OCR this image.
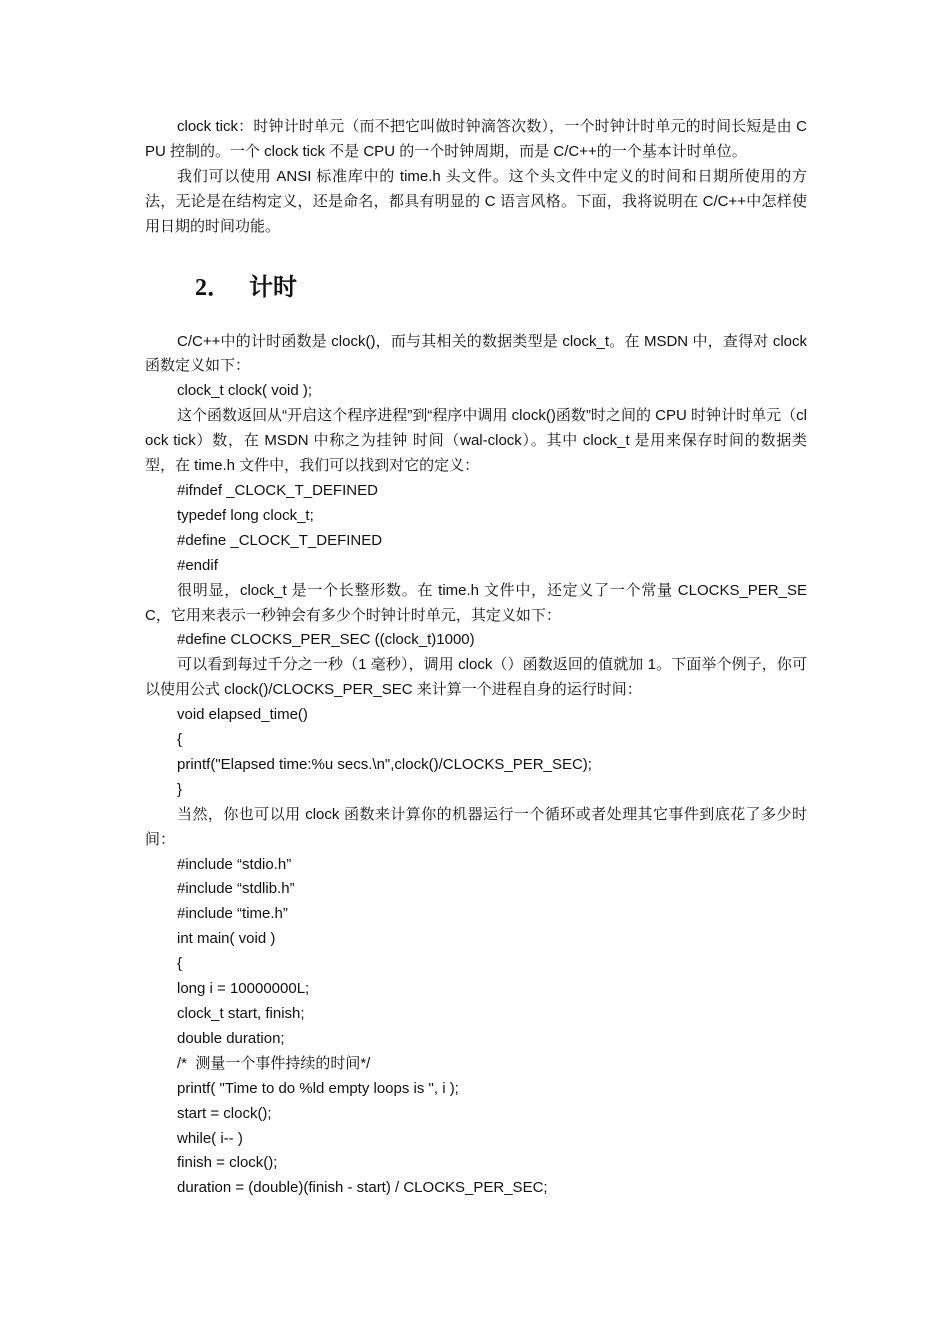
clock tick：时钟计时单元（而不把它叫做时钟滴答次数），一个时钟计时单元的时间长短是由 CPU 控制的。一个 clock tick 不是 CPU 的一个时钟周期，而是 C/C++的一个基本计时单位。

我们可以使用 ANSI 标准库中的 time.h 头文件。这个头文件中定义的时间和日期所使用的方法，无论是在结构定义，还是命名，都具有明显的 C 语言风格。下面，我将说明在 C/C++中怎样使用日期的时间功能。

2． 计时

C/C++中的计时函数是 clock()，而与其相关的数据类型是 clock_t。在 MSDN 中，查得对 clock 函数定义如下：

clock_t clock( void );

这个函数返回从“开启这个程序进程”到“程序中调用 clock()函数”时之间的 CPU 时钟计时单元（clock tick）数，在 MSDN 中称之为挂钟 时间（wal-clock）。其中 clock_t 是用来保存时间的数据类型，在 time.h 文件中，我们可以找到对它的定义：

#ifndef _CLOCK_T_DEFINED
typedef long clock_t;
#define _CLOCK_T_DEFINED
#endif

很明显，clock_t 是一个长整形数。在 time.h 文件中，还定义了一个常量 CLOCKS_PER_SEC，它用来表示一秒钟会有多少个时钟计时单元，其定义如下：

#define CLOCKS_PER_SEC ((clock_t)1000)

可以看到每过千分之一秒（1 毫秒），调用 clock（）函数返回的值就加 1。下面举个例子，你可以使用公式 clock()/CLOCKS_PER_SEC 来计算一个进程自身的运行时间：

void elapsed_time()
{
printf("Elapsed time:%u secs.\n",clock()/CLOCKS_PER_SEC);
}

当然，你也可以用 clock 函数来计算你的机器运行一个循环或者处理其它事件到底花了多少时间：

#include “stdio.h”
#include “stdlib.h”
#include “time.h”
int main( void )
{
long i = 10000000L;
clock_t start, finish;
double duration;
/*  测量一个事件持续的时间*/
printf( "Time to do %ld empty loops is ", i );
start = clock();
while( i-- )
finish = clock();
duration = (double)(finish - start) / CLOCKS_PER_SEC;
